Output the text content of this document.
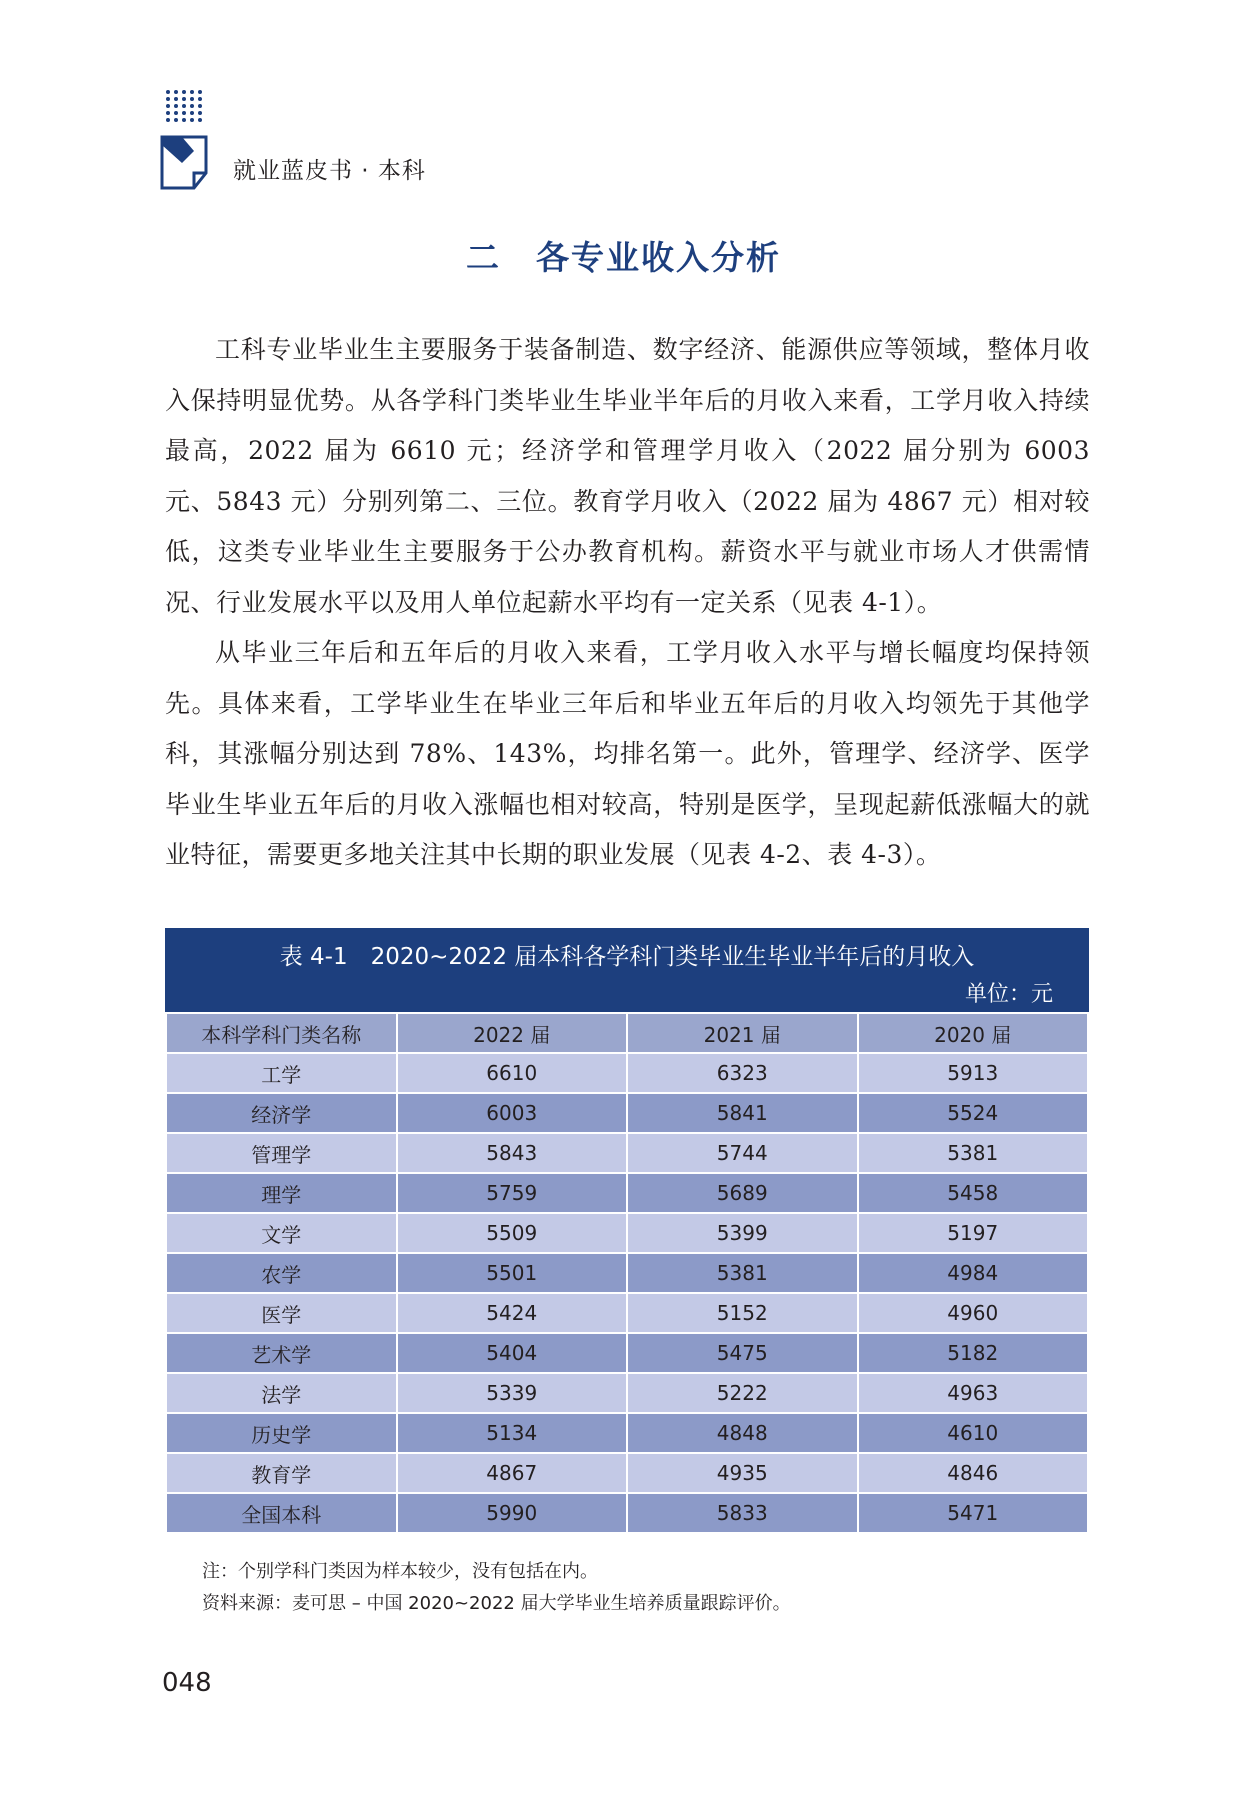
就业蓝皮书 · 本科
二　各专业收入分析

工科专业毕业生主要服务于装备制造、数字经济、能源供应等领域，整体月收入保持明显优势。从各学科门类毕业生毕业半年后的月收入来看，工学月收入持续最高，2022 届为 6610 元；经济学和管理学月收入（2022 届分别为 6003 元、5843 元）分别列第二、三位。教育学月收入（2022 届为 4867 元）相对较低，这类专业毕业生主要服务于公办教育机构。薪资水平与就业市场人才供需情况、行业发展水平以及用人单位起薪水平均有一定关系（见表 4-1）。

从毕业三年后和五年后的月收入来看，工学月收入水平与增长幅度均保持领先。具体来看，工学毕业生在毕业三年后和毕业五年后的月收入均领先于其他学科，其涨幅分别达到 78%、143%，均排名第一。此外，管理学、经济学、医学毕业生毕业五年后的月收入涨幅也相对较高，特别是医学，呈现起薪低涨幅大的就业特征，需要更多地关注其中长期的职业发展（见表 4-2、表 4-3）。

表 4-1　2020~2022 届本科各学科门类毕业生毕业半年后的月收入
单位：元
本科学科门类名称	2022 届	2021 届	2020 届
工学	6610	6323	5913
经济学	6003	5841	5524
管理学	5843	5744	5381
理学	5759	5689	5458
文学	5509	5399	5197
农学	5501	5381	4984
医学	5424	5152	4960
艺术学	5404	5475	5182
法学	5339	5222	4963
历史学	5134	4848	4610
教育学	4867	4935	4846
全国本科	5990	5833	5471
注：个别学科门类因为样本较少，没有包括在内。
资料来源：麦可思 – 中国 2020~2022 届大学毕业生培养质量跟踪评价。
048
